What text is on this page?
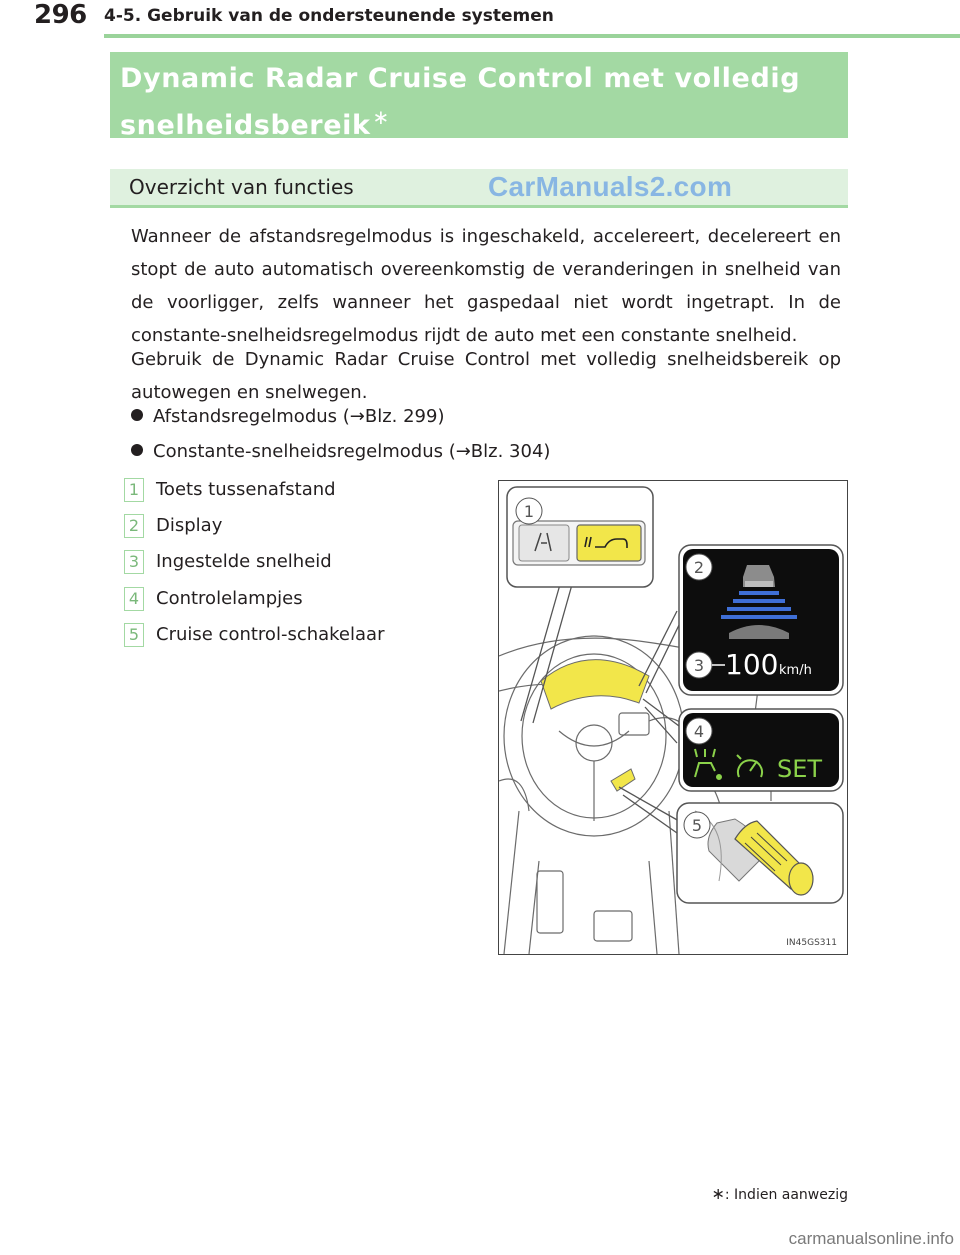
296 4-5. Gebruik van de ondersteunende systemen
Dynamic Radar Cruise Control met volledig snelheidsbereik ∗
Overzicht van functies	CarManuals2.com
Wanneer de afstandsregelmodus is ingeschakeld, accelereert, decelereert en stopt de auto automatisch overeenkomstig de veranderingen in snelheid van de voorligger, zelfs wanneer het gaspedaal niet wordt ingetrapt. In de constante-snelheidsregelmodus rijdt de auto met een constante snelheid.
Gebruik de Dynamic Radar Cruise Control met volledig snelheidsbereik op autowegen en snelwegen.
Afstandsregelmodus (→Blz. 299)
Constante-snelheidsregelmodus (→Blz. 304)
1 Toets tussenafstand
2 Display
3 Ingestelde snelheid
4 Controlelampjes
5 Cruise control-schakelaar
100 km/h
SET
1
2
3
4
5
IN45GS311
∗: Indien aanwezig
carmanualsonline.info
